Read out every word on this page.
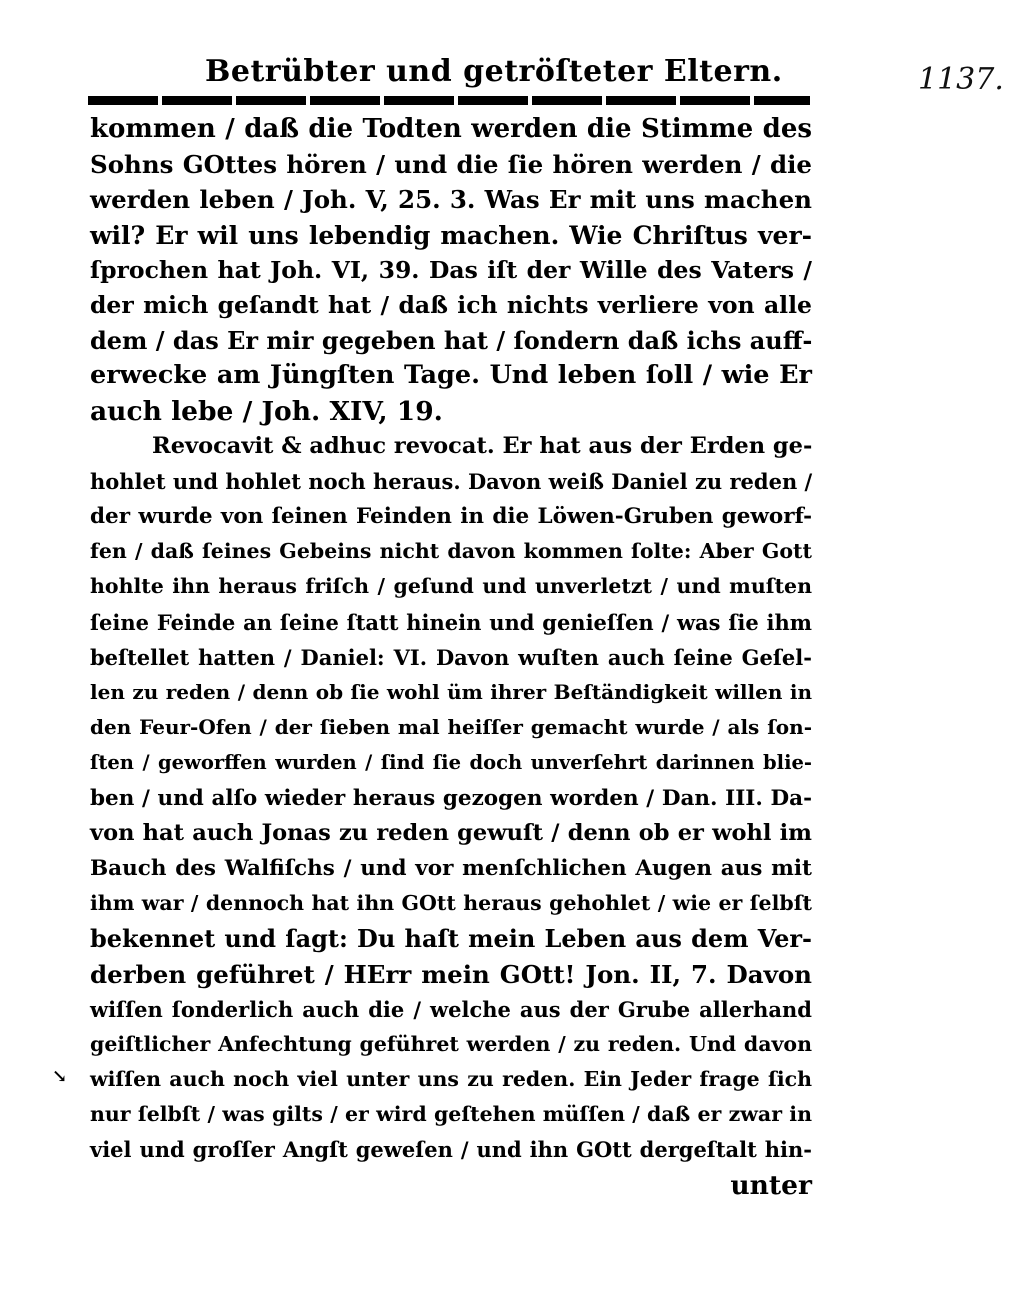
Betrübter und getröſteter Eltern.	1137.
kommen / daß die Todten werden die Stimme des
Sohns GOttes hören / und die ſie hören werden / die
werden leben / Joh. V, 25. 3. Was Er mit uns machen
wil? Er wil uns lebendig machen. Wie Chriſtus ver-
ſprochen hat Joh. VI, 39. Das iſt der Wille des Vaters /
der mich geſandt hat / daß ich nichts verliere von alle
dem / das Er mir gegeben hat / ſondern daß ichs auff-
erwecke am Jüngſten Tage. Und leben ſoll / wie Er
auch lebe / Joh. XIV, 19.
Revocavit & adhuc revocat. Er hat aus der Erden ge-
hohlet und hohlet noch heraus. Davon weiß Daniel zu reden /
der wurde von ſeinen Feinden in die Löwen-Gruben geworf-
fen / daß ſeines Gebeins nicht davon kommen ſolte: Aber Gott
hohlte ihn heraus friſch / geſund und unverletzt / und muſten
ſeine Feinde an ſeine ſtatt hinein und genieſſen / was ſie ihm
beſtellet hatten / Daniel: VI. Davon wuſten auch ſeine Geſel-
len zu reden / denn ob ſie wohl üm ihrer Beſtändigkeit willen in
den Feur-Ofen / der ſieben mal heiſſer gemacht wurde / als ſon-
ſten / geworffen wurden / ſind ſie doch unverſehrt darinnen blie-
ben / und alſo wieder heraus gezogen worden / Dan. III. Da-
von hat auch Jonas zu reden gewuſt / denn ob er wohl im
Bauch des Walfiſchs / und vor menſchlichen Augen aus mit
ihm war / dennoch hat ihn GOtt heraus gehohlet / wie er ſelbſt
bekennet und ſagt: Du haſt mein Leben aus dem Ver-
derben geführet / HErr mein GOtt! Jon. II, 7. Davon
wiſſen ſonderlich auch die / welche aus der Grube allerhand
geiſtlicher Anfechtung geführet werden / zu reden. Und davon
wiſſen auch noch viel unter uns zu reden. Ein Jeder frage ſich
nur ſelbſt / was gilts / er wird geſtehen müſſen / daß er zwar in
viel und groſſer Angſt geweſen / und ihn GOtt dergeſtalt hin-
unter
↘
